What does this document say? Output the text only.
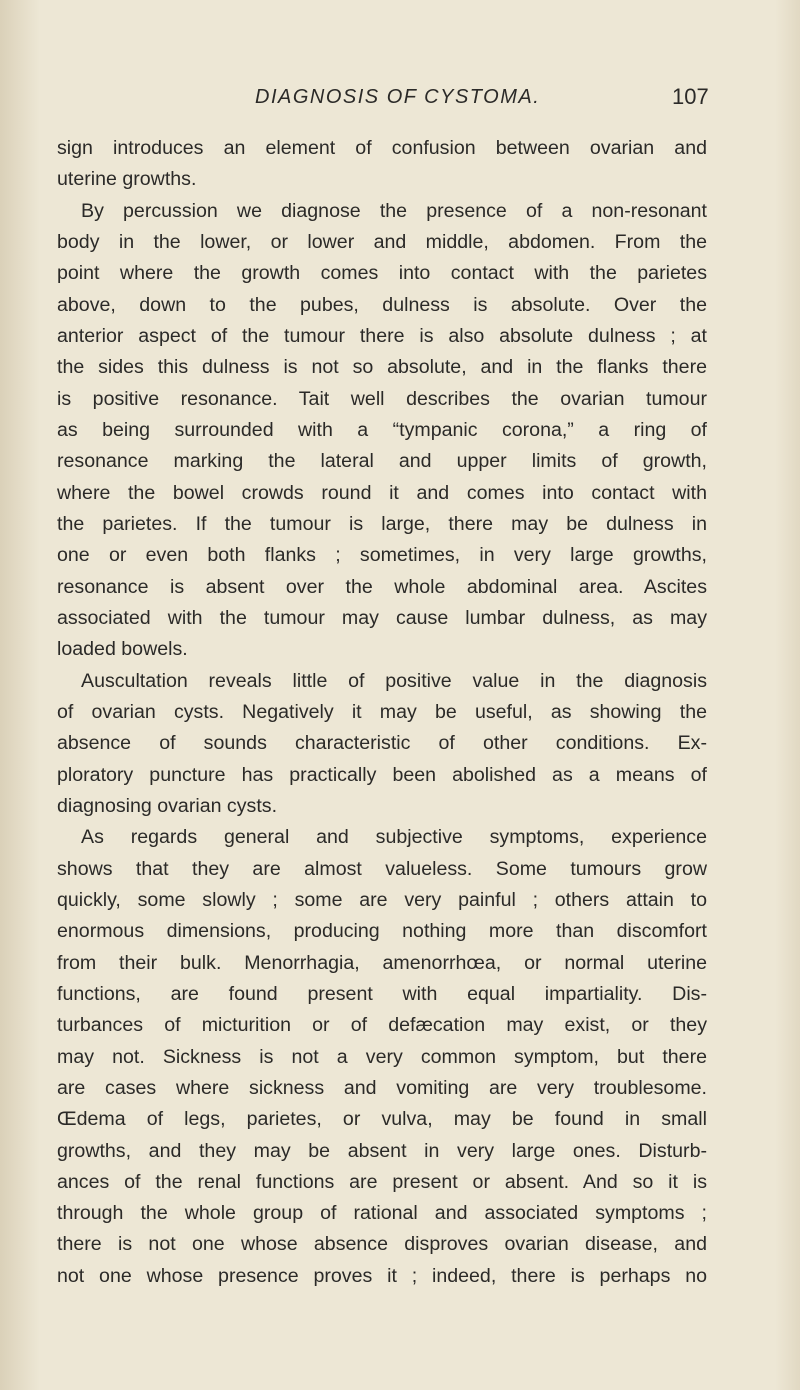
DIAGNOSIS OF CYSTOMA.	107
sign introduces an element of confusion between ovarian and
uterine growths.
By percussion we diagnose the presence of a non-resonant
body in the lower, or lower and middle, abdomen. From the
point where the growth comes into contact with the parietes
above, down to the pubes, dulness is absolute. Over the
anterior aspect of the tumour there is also absolute dulness ; at
the sides this dulness is not so absolute, and in the flanks there
is positive resonance. Tait well describes the ovarian tumour
as being surrounded with a “tympanic corona,” a ring of
resonance marking the lateral and upper limits of growth,
where the bowel crowds round it and comes into contact with
the parietes. If the tumour is large, there may be dulness in
one or even both flanks ; sometimes, in very large growths,
resonance is absent over the whole abdominal area. Ascites
associated with the tumour may cause lumbar dulness, as may
loaded bowels.
Auscultation reveals little of positive value in the diagnosis
of ovarian cysts. Negatively it may be useful, as showing the
absence of sounds characteristic of other conditions. Ex-
ploratory puncture has practically been abolished as a means of
diagnosing ovarian cysts.
As regards general and subjective symptoms, experience
shows that they are almost valueless. Some tumours grow
quickly, some slowly ; some are very painful ; others attain to
enormous dimensions, producing nothing more than discomfort
from their bulk. Menorrhagia, amenorrhœa, or normal uterine
functions, are found present with equal impartiality. Dis-
turbances of micturition or of defæcation may exist, or they
may not. Sickness is not a very common symptom, but there
are cases where sickness and vomiting are very troublesome.
Œdema of legs, parietes, or vulva, may be found in small
growths, and they may be absent in very large ones. Disturb-
ances of the renal functions are present or absent. And so it is
through the whole group of rational and associated symptoms ;
there is not one whose absence disproves ovarian disease, and
not one whose presence proves it ; indeed, there is perhaps no
